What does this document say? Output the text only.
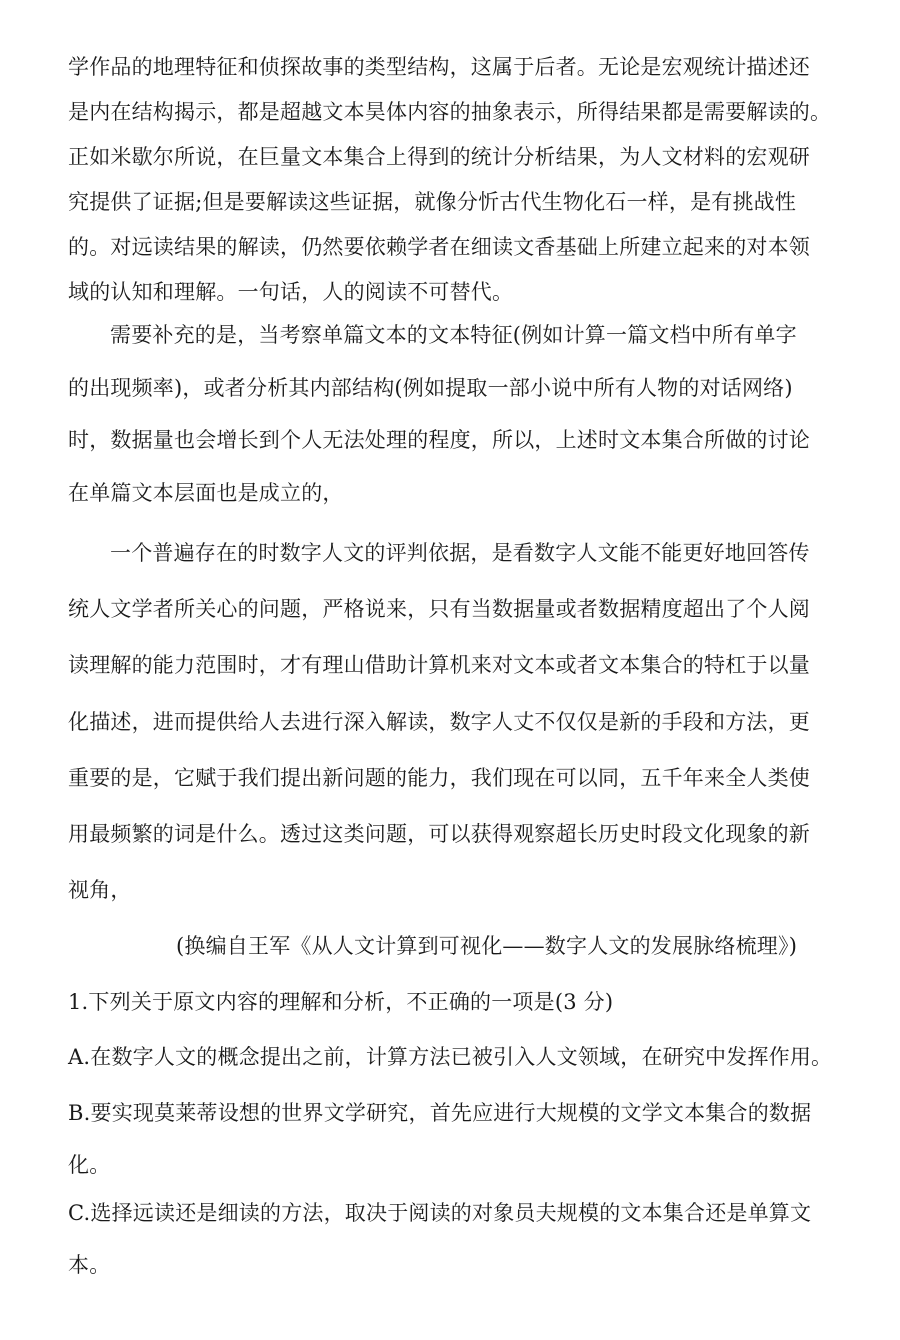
学作品的地理特征和侦探故事的类型结构，这属于后者。无论是宏观统计描述还
是内在结构揭示，都是超越文本昊体内容的抽象表示，所得结果都是需要解读的。
正如米歇尔所说，在巨量文本集合上得到的统计分析结果，为人文材料的宏观研
究提供了证据;但是要解读这些证据，就像分忻古代生物化石一样，是有挑战性
的。对远读结果的解读，仍然要依赖学者在细读文香基础上所建立起来的对本领
域的认知和理解。一句话，人的阅读不可替代。
需要补充的是，当考察单篇文本的文本特征(例如计算一篇文档中所有单字
的出现频率)，或者分析其内部结构(例如提取一部小说中所有人物的对话网络)
时，数据量也会增长到个人无法处理的程度，所以，上述时文本集合所做的讨论
在单篇文本层面也是成立的，
一个普遍存在的时数字人文的评判依据，是看数字人文能不能更好地回答传
统人文学者所关心的问题，严格说来，只有当数据量或者数据精度超出了个人阅
读理解的能力范围时，才有理山借助计算机来对文本或者文本集合的特杠于以量
化描述，进而提供给人去进行深入解读，数字人丈不仅仅是新的手段和方法，更
重要的是，它赋于我们提出新问题的能力，我们现在可以同，五千年来全人类使
用最频繁的词是什么。透过这类问题，可以获得观察超长历史时段文化现象的新
视角，
(换编自王军《从人文计算到可视化——数字人文的发展脉络梳理》)
1.下列关于原文内容的理解和分析，不正确的一项是(3 分)
A.在数字人文的概念提出之前，计算方法已被引入人文领域，在研究中发挥作用。
B.要实现莫莱蒂设想的世界文学研究，首先应进行大规模的文学文本集合的数据
化。
C.选择远读还是细读的方法，取决于阅读的对象员夫规模的文本集合还是单算文
本。
